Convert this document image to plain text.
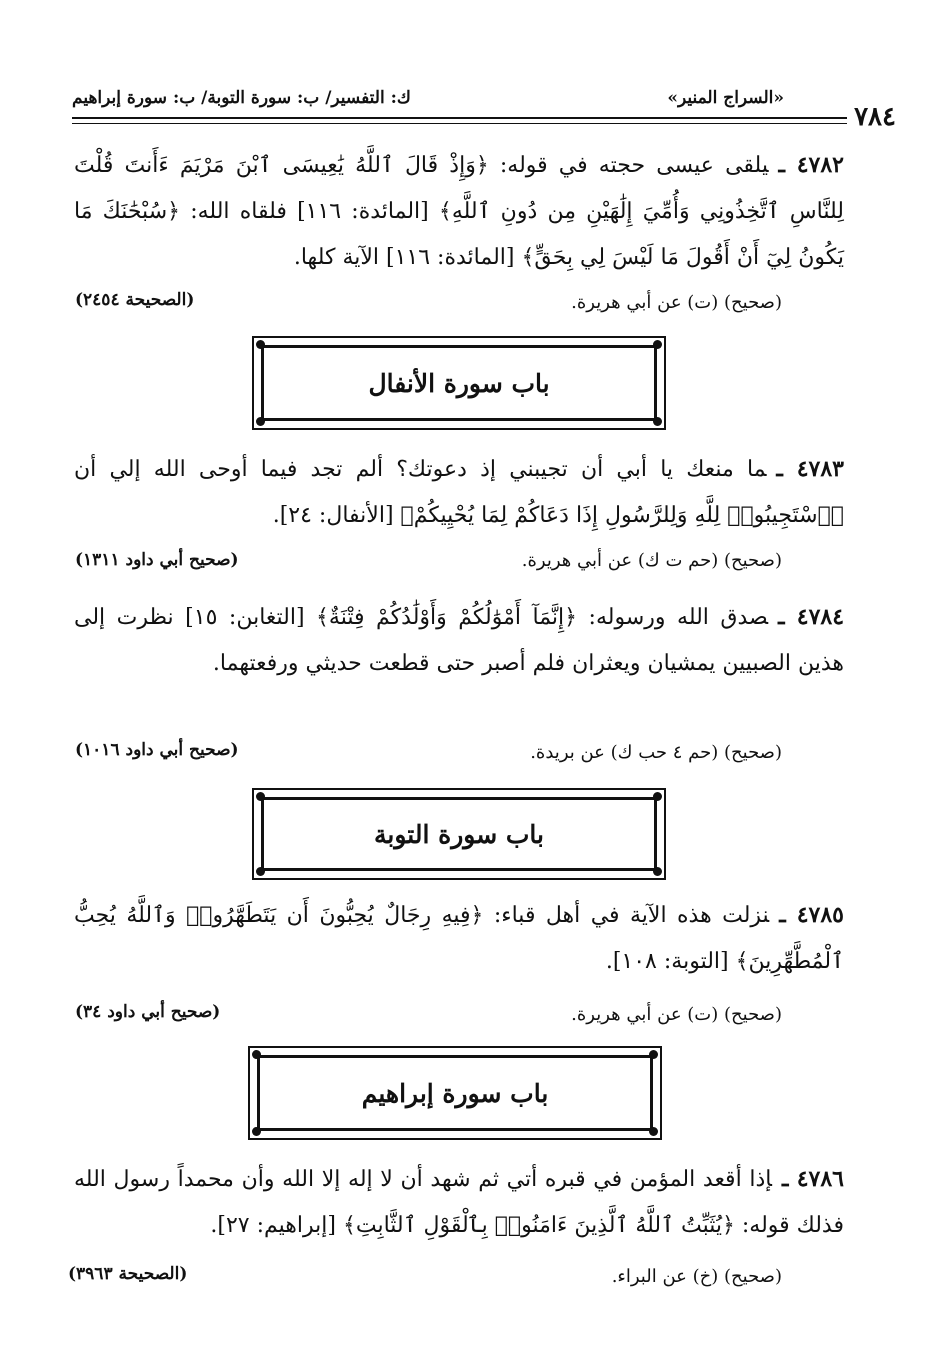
«السراج المنير»
ك: التفسير/ ب: سورة التوبة/ ب: سورة إبراهيم
٧٨٤
٤٧٨٢ ـيلقى عيسى حجته في قوله: ﴿وَإِذْ قَالَ ٱللَّهُ يَٰعِيسَى ٱبْنَ مَرْيَمَ ءَأَنتَ قُلْتَ لِلنَّاسِ ٱتَّخِذُونِي وَأُمِّيَ إِلَٰهَيْنِ مِن دُونِ ٱللَّهِ﴾ [المائدة: ١١٦] فلقاه الله: ﴿سُبْحَٰنَكَ مَا يَكُونُ لِيٓ أَنْ أَقُولَ مَا لَيْسَ لِي بِحَقٍّ﴾ [المائدة: ١١٦] الآية كلها.
(صحيح) (ت) عن أبي هريرة.
(الصحيحة ٢٤٥٤)
باب سورة الأنفال
٤٧٨٣ ـما منعك يا أبي أن تجيبني إذ دعوتك؟ ألم تجد فيما أوحى الله إلي أن ﴿ٱسْتَجِيبُوا۟ لِلَّهِ وَلِلرَّسُولِ إِذَا دَعَاكُمْ لِمَا يُحْيِيكُمْ﴾ [الأنفال: ٢٤].
(صحيح) (حم ت ك) عن أبي هريرة.
(صحيح أبي داود ١٣١١)
٤٧٨٤ ـصدق الله ورسوله: ﴿إِنَّمَآ أَمْوَٰلُكُمْ وَأَوْلَٰدُكُمْ فِتْنَةٌ﴾ [التغابن: ١٥] نظرت إلى هذين الصبيين يمشيان ويعثران فلم أصبر حتى قطعت حديثي ورفعتهما.
(صحيح) (حم ٤ حب ك) عن بريدة.
(صحيح أبي داود ١٠١٦)
باب سورة التوبة
٤٧٨٥ ـنزلت هذه الآية في أهل قباء: ﴿فِيهِ رِجَالٌ يُحِبُّونَ أَن يَتَطَهَّرُوا۟ وَٱللَّهُ يُحِبُّ ٱلْمُطَّهِّرِينَ﴾ [التوبة: ١٠٨].
(صحيح) (ت) عن أبي هريرة.
(صحيح أبي داود ٣٤)
باب سورة إبراهيم
٤٧٨٦ ـإذا أقعد المؤمن في قبره أتي ثم شهد أن لا إله إلا الله وأن محمداً رسول الله فذلك قوله: ﴿يُثَبِّتُ ٱللَّهُ ٱلَّذِينَ ءَامَنُوا۟ بِٱلْقَوْلِ ٱلثَّابِتِ﴾ [إبراهيم: ٢٧].
(صحيح) (خ) عن البراء.
(الصحيحة ٣٩٦٣)
